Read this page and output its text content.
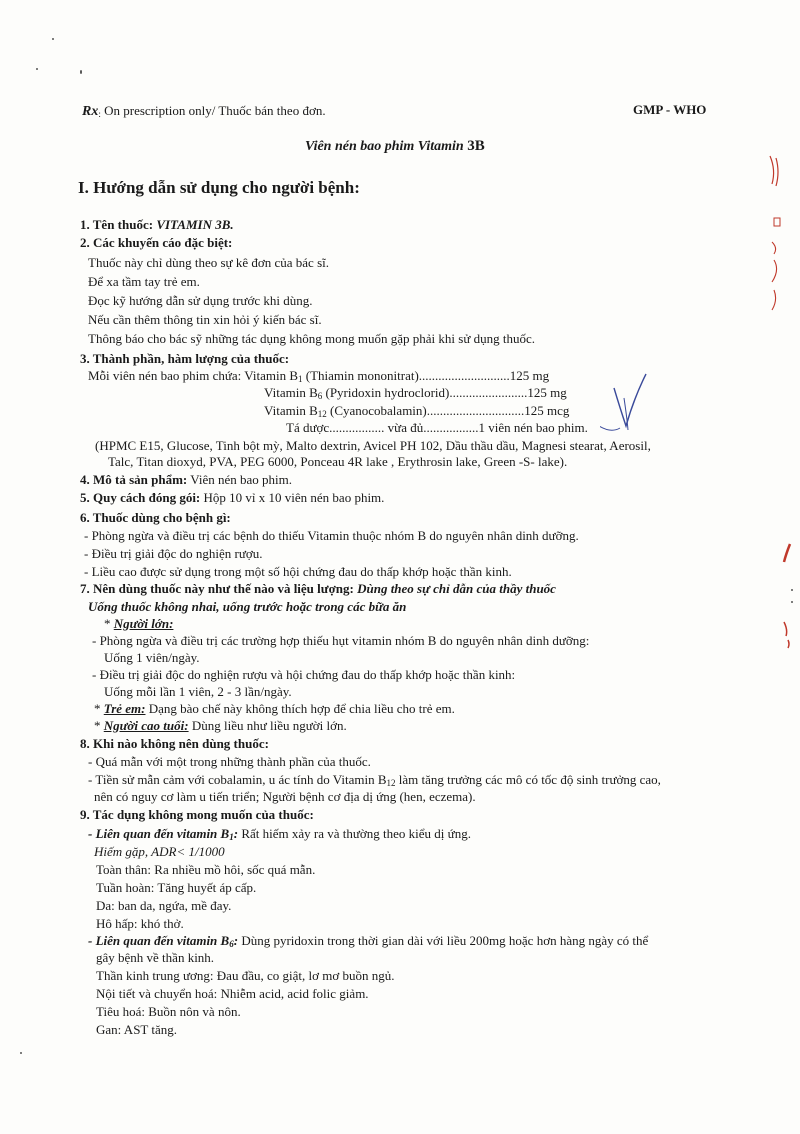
$Rx_:$ On prescription only/ Thuốc bán theo đơn.	GMP - WHO
Viên nén bao phim Vitamin 3B
I. Hướng dẫn sử dụng cho người bệnh:
1. Tên thuốc: VITAMIN 3B.
2. Các khuyến cáo đặc biệt:
Thuốc này chỉ dùng theo sự kê đơn của bác sĩ.
Để xa tầm tay trẻ em.
Đọc kỹ hướng dẫn sử dụng trước khi dùng.
Nếu cần thêm thông tin xin hỏi ý kiến bác sĩ.
Thông báo cho bác sỹ những tác dụng không mong muốn gặp phải khi sử dụng thuốc.
3. Thành phần, hàm lượng của thuốc:
Mỗi viên nén bao phim chứa: Vitamin $B_1$ (Thiamin mononitrat)............................125 mg
Vitamin $B_6$ (Pyridoxin hydroclorid)........................125 mg
Vitamin $B_{12}$ (Cyanocobalamin)..............................125 mcg
Tá dược................. vừa đủ.................1 viên nén bao phim.
(HPMC E15, Glucose, Tinh bột mỳ, Malto dextrin, Avicel PH 102, Dầu thầu dầu, Magnesi stearat, Aerosil,
Talc, Titan dioxyd, PVA, PEG 6000, Ponceau 4R lake , Erythrosin lake, Green -S- lake).
4. Mô tả sản phẩm: Viên nén bao phim.
5. Quy cách đóng gói: Hộp 10 vỉ x 10 viên nén bao phim.
6. Thuốc dùng cho bệnh gì:
- Phòng ngừa và điều trị các bệnh do thiếu Vitamin thuộc nhóm B do nguyên nhân dinh dưỡng.
- Điều trị giải độc do nghiện rượu.
- Liều cao được sử dụng trong một số hội chứng đau do thấp khớp hoặc thần kinh.
7. Nên dùng thuốc này như thế nào và liệu lượng: Dùng theo sự chỉ dẫn của thầy thuốc
Uống thuốc không nhai, uống trước hoặc trong các bữa ăn
* Người lớn:
- Phòng ngừa và điều trị các trường hợp thiếu hụt vitamin nhóm B do nguyên nhân dinh dưỡng:
Uống 1 viên/ngày.
- Điều trị giải độc do nghiện rượu và hội chứng đau do thấp khớp hoặc thần kinh:
Uống mỗi lần 1 viên, 2 - 3 lần/ngày.
* Trẻ em: Dạng bào chế này không thích hợp để chia liều cho trẻ em.
* Người cao tuổi: Dùng liều như liều người lớn.
8. Khi nào không nên dùng thuốc:
- Quá mẫn với một trong những thành phần của thuốc.
- Tiền sử mẫn cảm với cobalamin, u ác tính do Vitamin $B_{12}$ làm tăng trưởng các mô có tốc độ sinh trưởng cao,
nên có nguy cơ làm u tiến triển; Người bệnh cơ địa dị ứng (hen, eczema).
9. Tác dụng không mong muốn của thuốc:
- Liên quan đến vitamin $B_1$: Rất hiếm xảy ra và thường theo kiểu dị ứng.
Hiếm gặp, ADR< 1/1000
Toàn thân: Ra nhiều mồ hôi, sốc quá mẫn.
Tuần hoàn: Tăng huyết áp cấp.
Da: ban da, ngứa, mề đay.
Hô hấp: khó thở.
- Liên quan đến vitamin $B_6$: Dùng pyridoxin trong thời gian dài với liều 200mg hoặc hơn hàng ngày có thể
gây bệnh về thần kinh.
Thần kinh trung ương: Đau đầu, co giật, lơ mơ buồn ngủ.
Nội tiết và chuyển hoá: Nhiễm acid, acid folic giảm.
Tiêu hoá: Buồn nôn và nôn.
Gan: AST tăng.
